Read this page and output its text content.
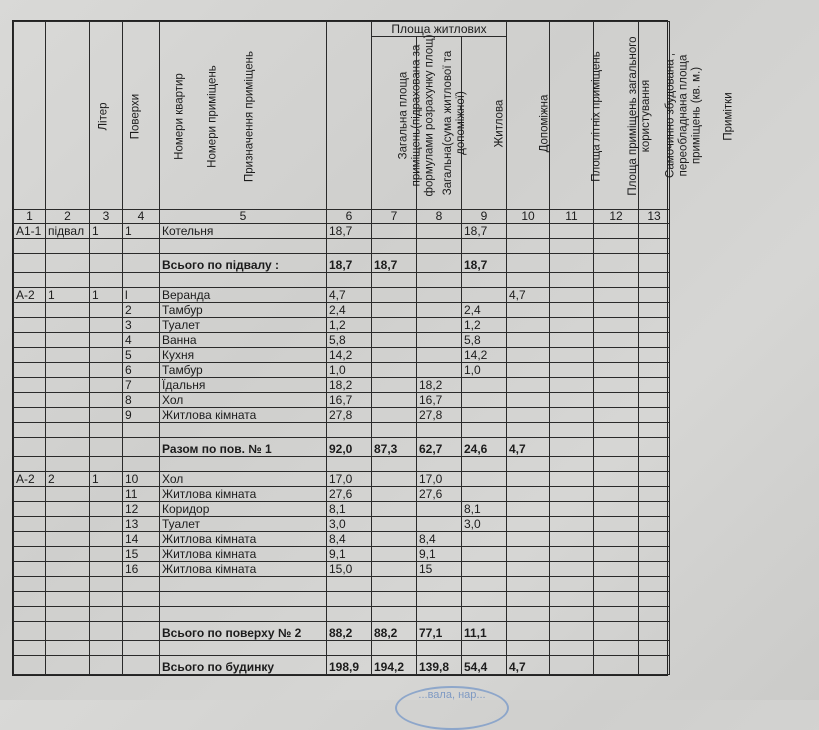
Літер	Поверхи	Номери квартир	Номери приміщень	Призначення приміщень	Загальна площа приміщень(підрахована за формулами розрахунку площ)	Площа житлових			Площа літніх приміщень	Площа приміщень загального користування	Самочинно збудована , переобладнана площа приміщень (кв. м.)	Примітки
						Загальна(сума житлової та допоміжної)	Житлова	Допоміжна				
1	2	3	4	5	6	7	8	9	10	11	12	13
А1-1	підвал	1	1	Котельня	18,7			18,7				

				Всього по підвалу :	18,7	18,7		18,7				

А-2	1	1	l	Веранда	4,7				4,7			
			2	Тамбур	2,4			2,4				
			3	Туалет	1,2			1,2				
			4	Ванна	5,8			5,8				
			5	Кухня	14,2			14,2				
			6	Тамбур	1,0			1,0				
			7	Їдальня	18,2		18,2					
			8	Хол	16,7		16,7					
			9	Житлова кімната	27,8		27,8					

				Разом по пов. № 1	92,0	87,3	62,7	24,6	4,7			

А-2	2	1	10	Хол	17,0		17,0					
			11	Житлова кімната	27,6		27,6					
			12	Коридор	8,1			8,1				
			13	Туалет	3,0			3,0				
			14	Житлова кімната	8,4		8,4					
			15	Житлова кімната	9,1		9,1					
			16	Житлова кімната	15,0		15					

				Всього по поверху № 2	88,2	88,2	77,1	11,1				

				Всього по будинку	198,9	194,2	139,8	54,4	4,7			
...вала, нар...
